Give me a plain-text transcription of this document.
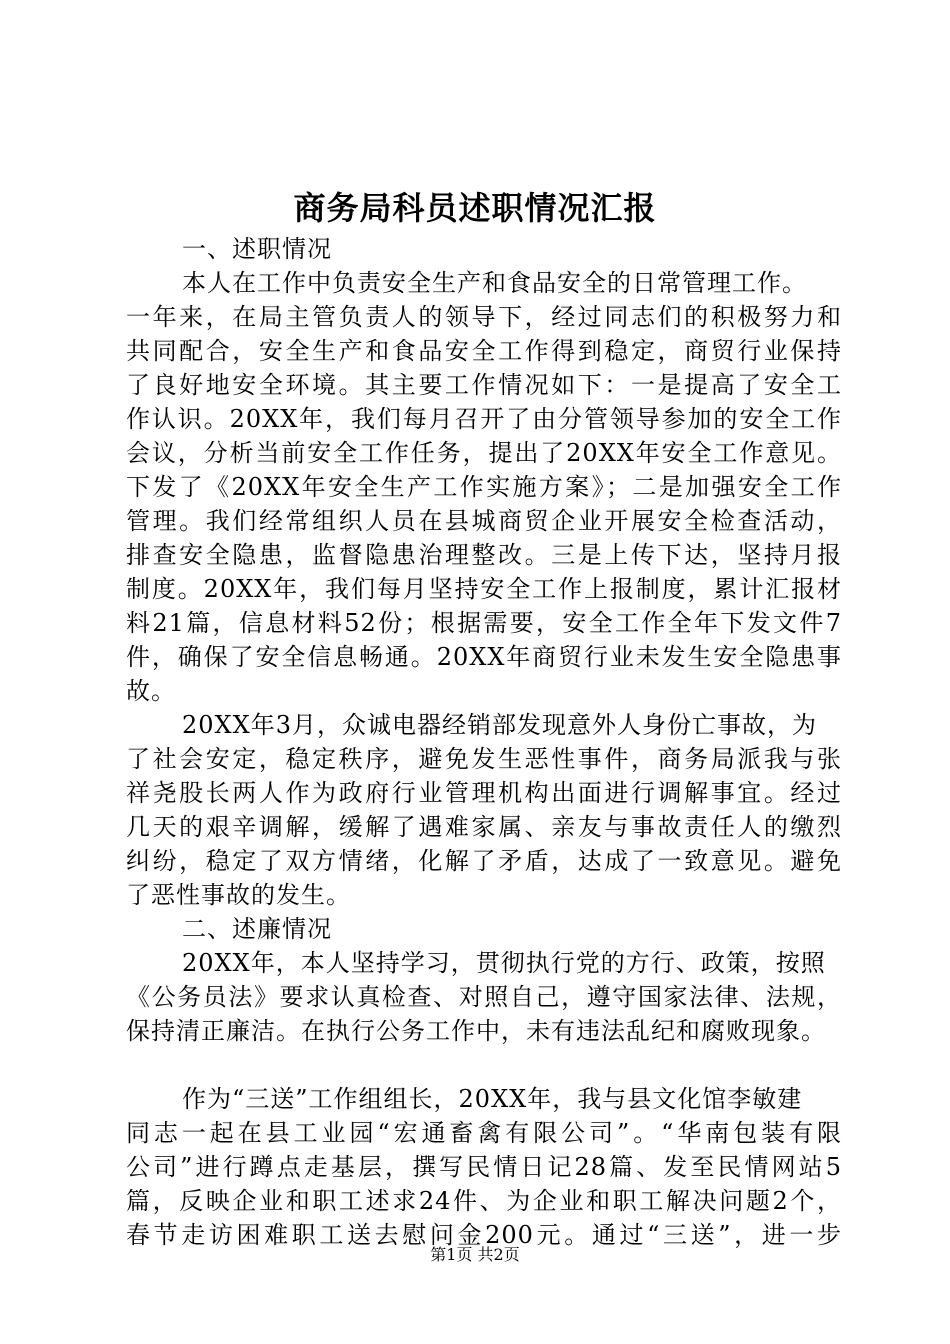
商务局科员述职情况汇报
一、述职情况
本人在工作中负责安全生产和食品安全的日常管理工作。
一年来，在局主管负责人的领导下，经过同志们的积极努力和
共同配合，安全生产和食品安全工作得到稳定，商贸行业保持
了良好地安全环境。其主要工作情况如下：一是提高了安全工
作认识。20XX年，我们每月召开了由分管领导参加的安全工作
会议，分析当前安全工作任务，提出了20XX年安全工作意见。
下发了《20XX年安全生产工作实施方案》；二是加强安全工作
管理。我们经常组织人员在县城商贸企业开展安全检查活动，
排查安全隐患，监督隐患治理整改。三是上传下达，坚持月报
制度。20XX年，我们每月坚持安全工作上报制度，累计汇报材
料21篇，信息材料52份；根据需要，安全工作全年下发文件7
件，确保了安全信息畅通。20XX年商贸行业未发生安全隐患事
故。
20XX年3月，众诚电器经销部发现意外人身份亡事故，为
了社会安定，稳定秩序，避免发生恶性事件，商务局派我与张
祥尧股长两人作为政府行业管理机构出面进行调解事宜。经过
几天的艰辛调解，缓解了遇难家属、亲友与事故责任人的缴烈
纠纷，稳定了双方情绪，化解了矛盾，达成了一致意见。避免
了恶性事故的发生。
二、述廉情况
20XX年，本人坚持学习，贯彻执行党的方行、政策，按照
《公务员法》要求认真检查、对照自己，遵守国家法律、法规，
保持清正廉洁。在执行公务工作中，未有违法乱纪和腐败现象。
作为“三送”工作组组长，20XX年，我与县文化馆李敏建
同志一起在县工业园“宏通畜禽有限公司”。“华南包装有限
公司”进行蹲点走基层，撰写民情日记28篇、发至民情网站5
篇，反映企业和职工述求24件、为企业和职工解决问题2个，
春节走访困难职工送去慰问金200元。通过“三送”，进一步
第1页 共2页
